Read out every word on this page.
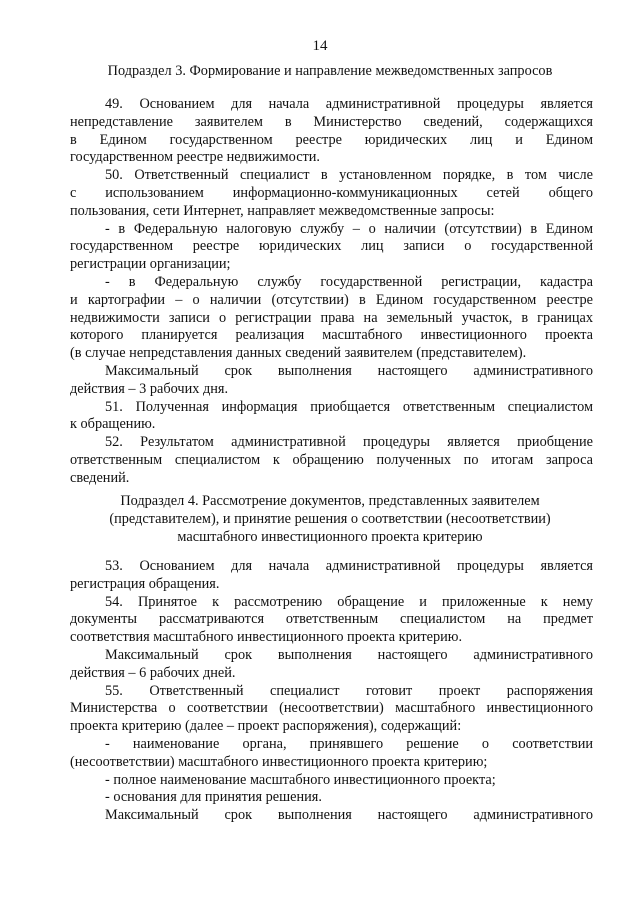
14
Подраздел 3. Формирование и направление межведомственных запросов
49. Основанием для начала административной процедуры является
непредставление заявителем в Министерство сведений, содержащихся
в Едином государственном реестре юридических лиц и Едином
государственном реестре недвижимости.
50. Ответственный специалист в установленном порядке, в том числе
с использованием информационно-коммуникационных сетей общего
пользования, сети Интернет, направляет межведомственные запросы:
- в Федеральную налоговую службу – о наличии (отсутствии) в Едином
государственном реестре юридических лиц записи о государственной
регистрации организации;
- в Федеральную службу государственной регистрации, кадастра
и картографии – о наличии (отсутствии) в Едином государственном реестре
недвижимости записи о регистрации права на земельный участок, в границах
которого планируется реализация масштабного инвестиционного проекта
(в случае непредставления данных сведений заявителем (представителем).
Максимальный срок выполнения настоящего административного
действия – 3 рабочих дня.
51. Полученная информация приобщается ответственным специалистом
к обращению.
52. Результатом административной процедуры является приобщение
ответственным специалистом к обращению полученных по итогам запроса
сведений.
Подраздел 4. Рассмотрение документов, представленных заявителем
(представителем), и принятие решения о соответствии (несоответствии)
масштабного инвестиционного проекта критерию
53. Основанием для начала административной процедуры является
регистрация обращения.
54. Принятое к рассмотрению обращение и приложенные к нему
документы рассматриваются ответственным специалистом на предмет
соответствия масштабного инвестиционного проекта критерию.
Максимальный срок выполнения настоящего административного
действия – 6 рабочих дней.
55. Ответственный специалист готовит проект распоряжения
Министерства о соответствии (несоответствии) масштабного инвестиционного
проекта критерию (далее – проект распоряжения), содержащий:
- наименование органа, принявшего решение о соответствии
(несоответствии) масштабного инвестиционного проекта критерию;
- полное наименование масштабного инвестиционного проекта;
- основания для принятия решения.
Максимальный срок выполнения настоящего административного
